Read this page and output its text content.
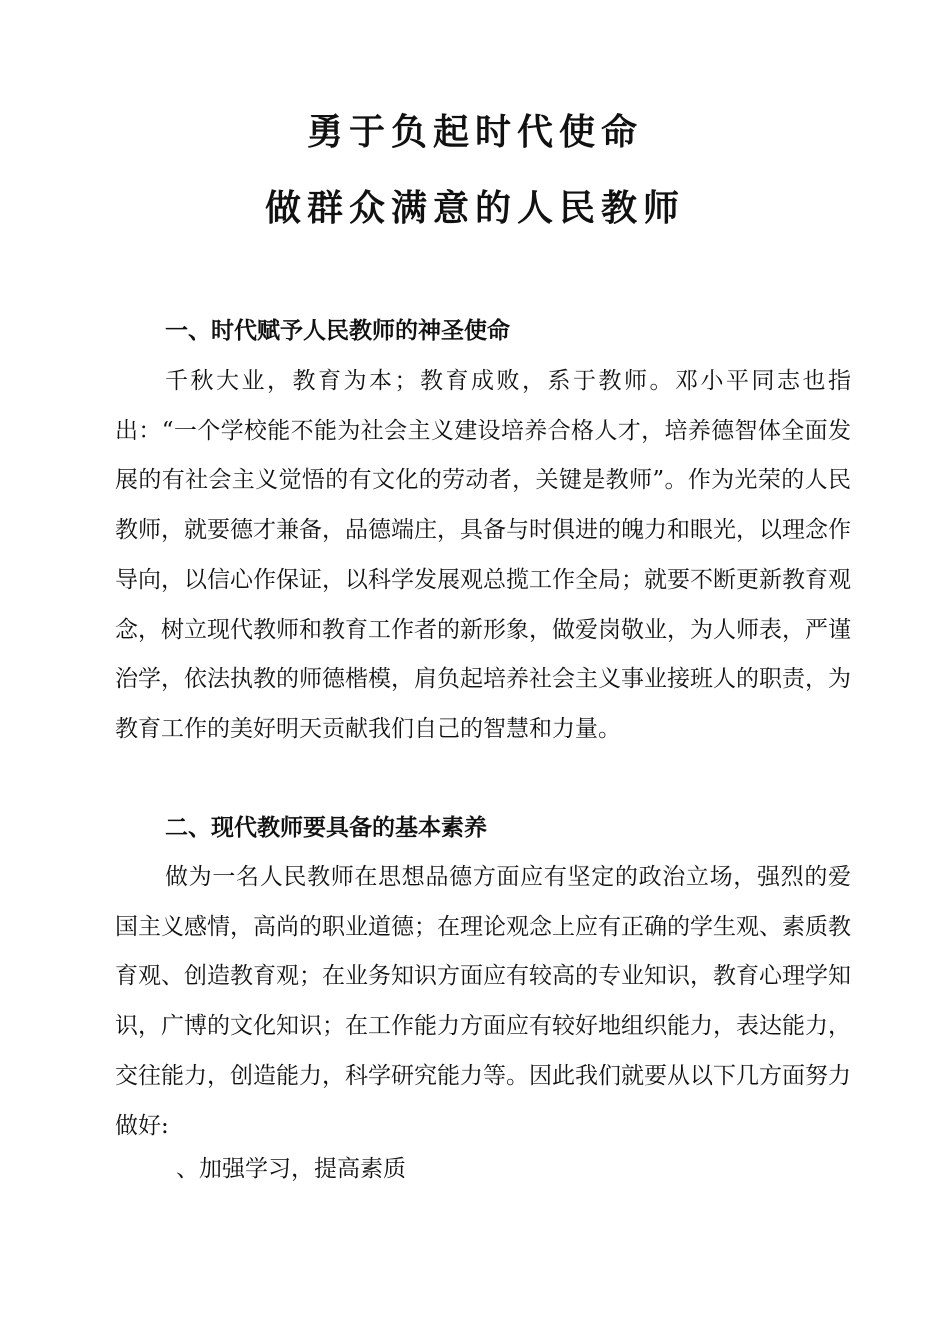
勇于负起时代使命
做群众满意的人民教师
一、时代赋予人民教师的神圣使命

千秋大业，教育为本；教育成败，系于教师。邓小平同志也指出：“一个学校能不能为社会主义建设培养合格人才，培养德智体全面发展的有社会主义觉悟的有文化的劳动者，关键是教师”。作为光荣的人民教师，就要德才兼备，品德端庄，具备与时俱进的魄力和眼光，以理念作导向，以信心作保证，以科学发展观总揽工作全局；就要不断更新教育观念，树立现代教师和教育工作者的新形象，做爱岗敬业，为人师表，严谨治学，依法执教的师德楷模，肩负起培养社会主义事业接班人的职责，为教育工作的美好明天贡献我们自己的智慧和力量。

二、现代教师要具备的基本素养

做为一名人民教师在思想品德方面应有坚定的政治立场，强烈的爱国主义感情，高尚的职业道德；在理论观念上应有正确的学生观、素质教育观、创造教育观；在业务知识方面应有较高的专业知识，教育心理学知识，广博的文化知识；在工作能力方面应有较好地组织能力，表达能力，交往能力，创造能力，科学研究能力等。因此我们就要从以下几方面努力做好:

、加强学习，提高素质
